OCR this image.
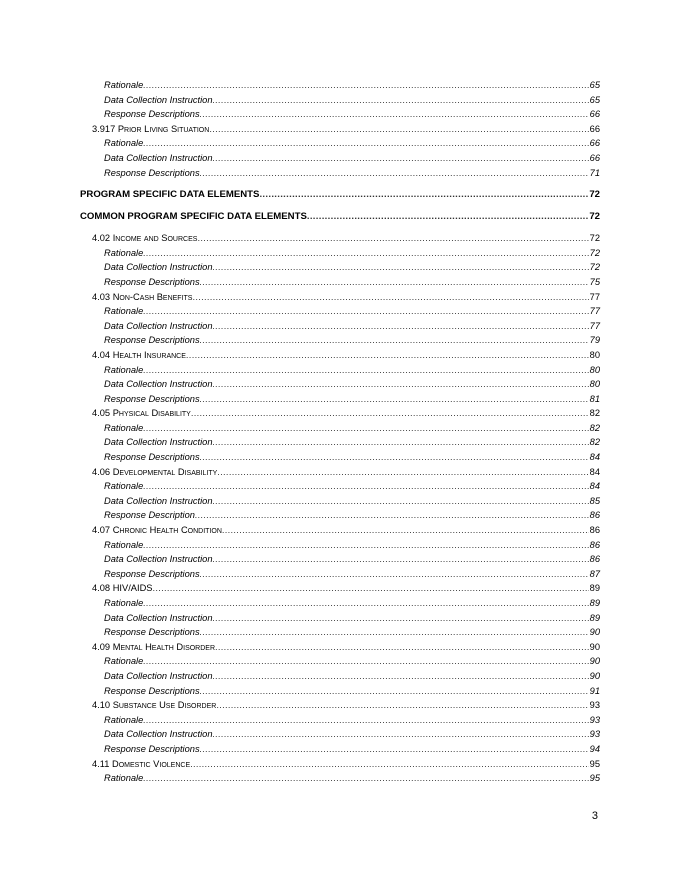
Rationale .....	65
Data Collection Instruction .....	65
Response Descriptions .....	66
3.917 Prior Living Situation .....	66
Rationale .....	66
Data Collection Instruction .....	66
Response Descriptions .....	71
PROGRAM SPECIFIC DATA ELEMENTS .....	72
COMMON PROGRAM SPECIFIC DATA ELEMENTS .....	72
4.02 Income and Sources .....	72
Rationale .....	72
Data Collection Instruction .....	72
Response Descriptions .....	75
4.03 Non-Cash Benefits .....	77
Rationale .....	77
Data Collection Instruction .....	77
Response Descriptions .....	79
4.04 Health Insurance .....	80
Rationale .....	80
Data Collection Instruction .....	80
Response Descriptions .....	81
4.05 Physical Disability .....	82
Rationale .....	82
Data Collection Instruction .....	82
Response Descriptions .....	84
4.06 Developmental Disability .....	84
Rationale .....	84
Data Collection Instruction .....	85
Response Description .....	86
4.07 Chronic Health Condition .....	86
Rationale .....	86
Data Collection Instruction .....	86
Response Descriptions .....	87
4.08 HIV/AIDS .....	89
Rationale .....	89
Data Collection Instruction .....	89
Response Descriptions .....	90
4.09 Mental Health Disorder .....	90
Rationale .....	90
Data Collection Instruction .....	90
Response Descriptions .....	91
4.10 Substance Use Disorder .....	93
Rationale .....	93
Data Collection Instruction .....	93
Response Descriptions .....	94
4.11 Domestic Violence .....	95
Rationale .....	95
3
